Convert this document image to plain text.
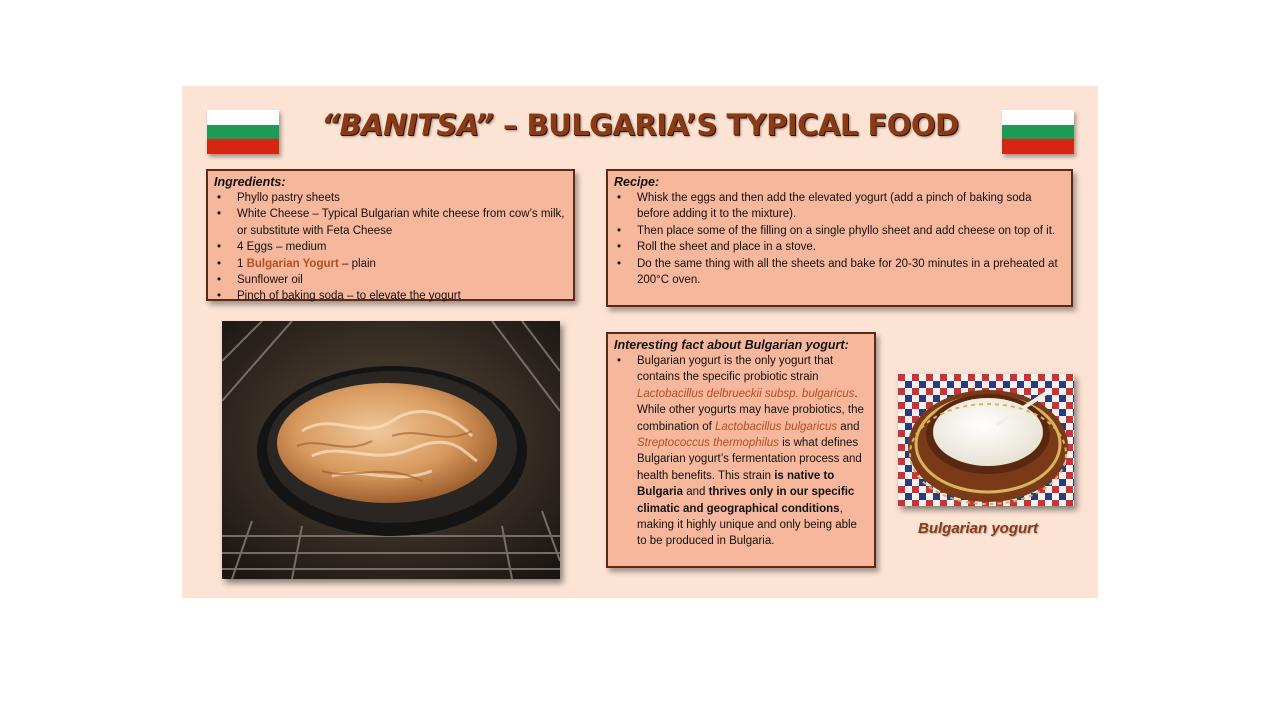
“BANITSA” – BULGARIA’S TYPICAL FOOD
Ingredients:
• Phyllo pastry sheets
• White Cheese – Typical Bulgarian white cheese from cow’s milk, or substitute with Feta Cheese
• 4 Eggs – medium
• 1 Bulgarian Yogurt – plain
• Sunflower oil
• Pinch of baking soda – to elevate the yogurt
Recipe:
• Whisk the eggs and then add the elevated yogurt (add a pinch of baking soda before adding it to the mixture).
• Then place some of the filling on a single phyllo sheet and add cheese on top of it.
• Roll the sheet and place in a stove.
• Do the same thing with all the sheets and bake for 20-30 minutes in a preheated at 200°C oven.
Interesting fact about Bulgarian yogurt:
• Bulgarian yogurt is the only yogurt that contains the specific probiotic strain Lactobacillus delbrueckii subsp. bulgaricus. While other yogurts may have probiotics, the combination of Lactobacillus bulgaricus and Streptococcus thermophilus is what defines Bulgarian yogurt’s fermentation process and health benefits. This strain is native to Bulgaria and thrives only in our specific climatic and geographical conditions, making it highly unique and only being able to be produced in Bulgaria.
Bulgarian yogurt
